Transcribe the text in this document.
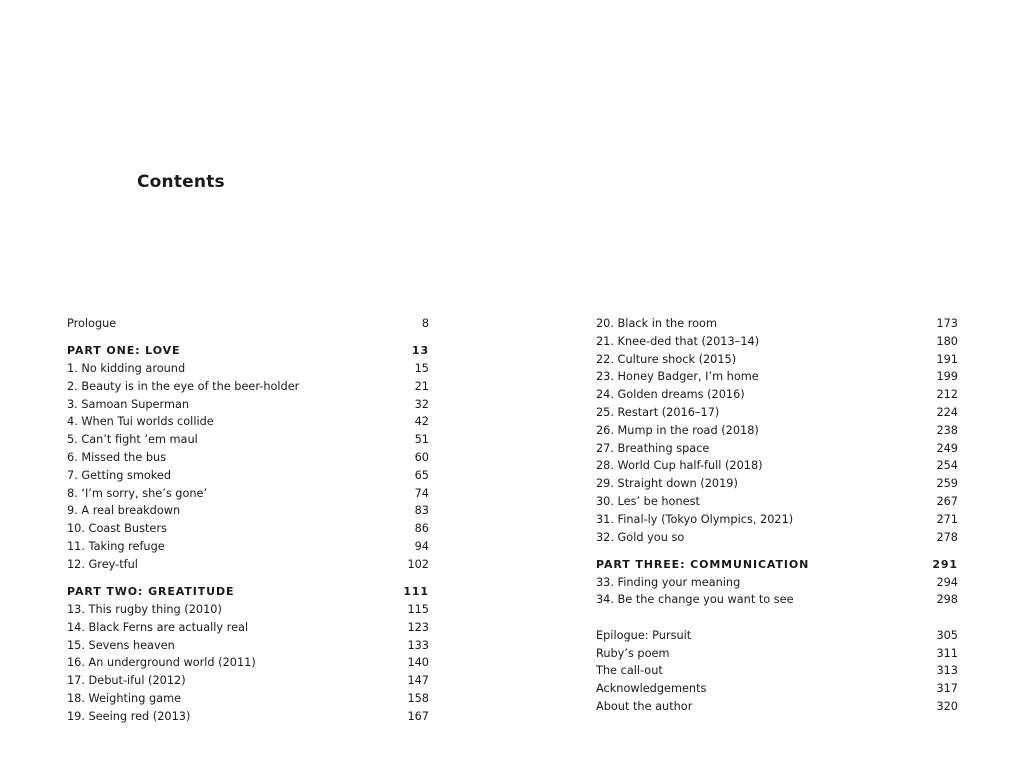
Contents
Prologue	8
PART ONE: LOVE	13
1. No kidding around	15
2. Beauty is in the eye of the beer-holder	21
3. Samoan Superman	32
4. When Tui worlds collide	42
5. Can’t fight ’em maul	51
6. Missed the bus	60
7. Getting smoked	65
8. ‘I’m sorry, she’s gone’	74
9. A real breakdown	83
10. Coast Busters	86
11. Taking refuge	94
12. Grey-tful	102
PART TWO: GREATITUDE	111
13. This rugby thing (2010)	115
14. Black Ferns are actually real	123
15. Sevens heaven	133
16. An underground world (2011)	140
17. Debut-iful (2012)	147
18. Weighting game	158
19. Seeing red (2013)	167
20. Black in the room	173
21. Knee-ded that (2013–14)	180
22. Culture shock (2015)	191
23. Honey Badger, I’m home	199
24. Golden dreams (2016)	212
25. Restart (2016–17)	224
26. Mump in the road (2018)	238
27. Breathing space	249
28. World Cup half-full (2018)	254
29. Straight down (2019)	259
30. Les’ be honest	267
31. Final-ly (Tokyo Olympics, 2021)	271
32. Gold you so	278
PART THREE: COMMUNICATION	291
33. Finding your meaning	294
34. Be the change you want to see	298
Epilogue: Pursuit	305
Ruby’s poem	311
The call-out	313
Acknowledgements	317
About the author	320
